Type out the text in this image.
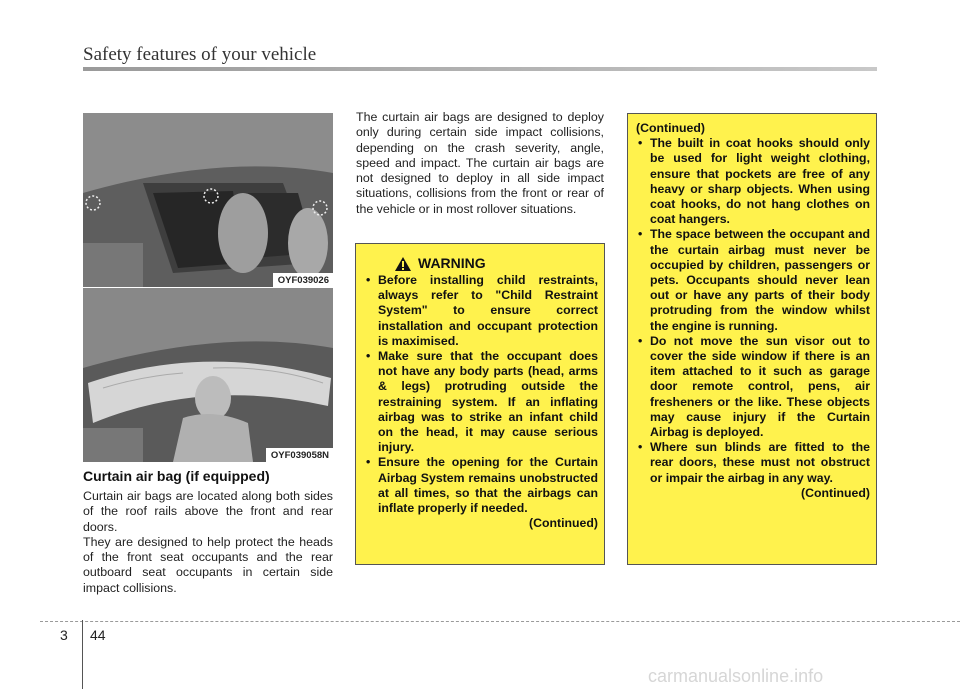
Safety features of your vehicle
OYF039026
OYF039058N
Curtain air bag (if equipped)

Curtain air bags are located along both sides of the roof rails above the front and rear doors.

They are designed to help protect the heads of the front seat occupants and the rear outboard seat occupants in certain side impact collisions.

The curtain air bags are designed to deploy only during certain side impact collisions, depending on the crash severity, angle, speed and impact. The curtain air bags are not designed to deploy in all side impact situations, collisions from the front or rear of the vehicle or in most rollover situations.

WARNING
• Before installing child restraints, always refer to "Child Restraint System" to ensure correct installation and occupant protection is maximised.
• Make sure that the occupant does not have any body parts (head, arms & legs) protruding outside the restraining system. If an inflating airbag was to strike an infant child on the head, it may cause serious injury.
• Ensure the opening for the Curtain Airbag System remains unobstructed at all times, so that the airbags can inflate properly if needed.
(Continued)
(Continued)
• The built in coat hooks should only be used for light weight clothing, ensure that pockets are free of any heavy or sharp objects. When using coat hooks, do not hang clothes on coat hangers.
• The space between the occupant and the curtain airbag must never be occupied by children, passengers or pets. Occupants should never lean out or have any parts of their body protruding from the window whilst the engine is running.
• Do not move the sun visor out to cover the side window if there is an item attached to it such as garage door remote control, pens, air fresheners or the like. These objects may cause injury if the Curtain Airbag is deployed.
• Where sun blinds are fitted to the rear doors, these must not obstruct or impair the airbag in any way.
(Continued)
3 44
carmanualsonline.info
